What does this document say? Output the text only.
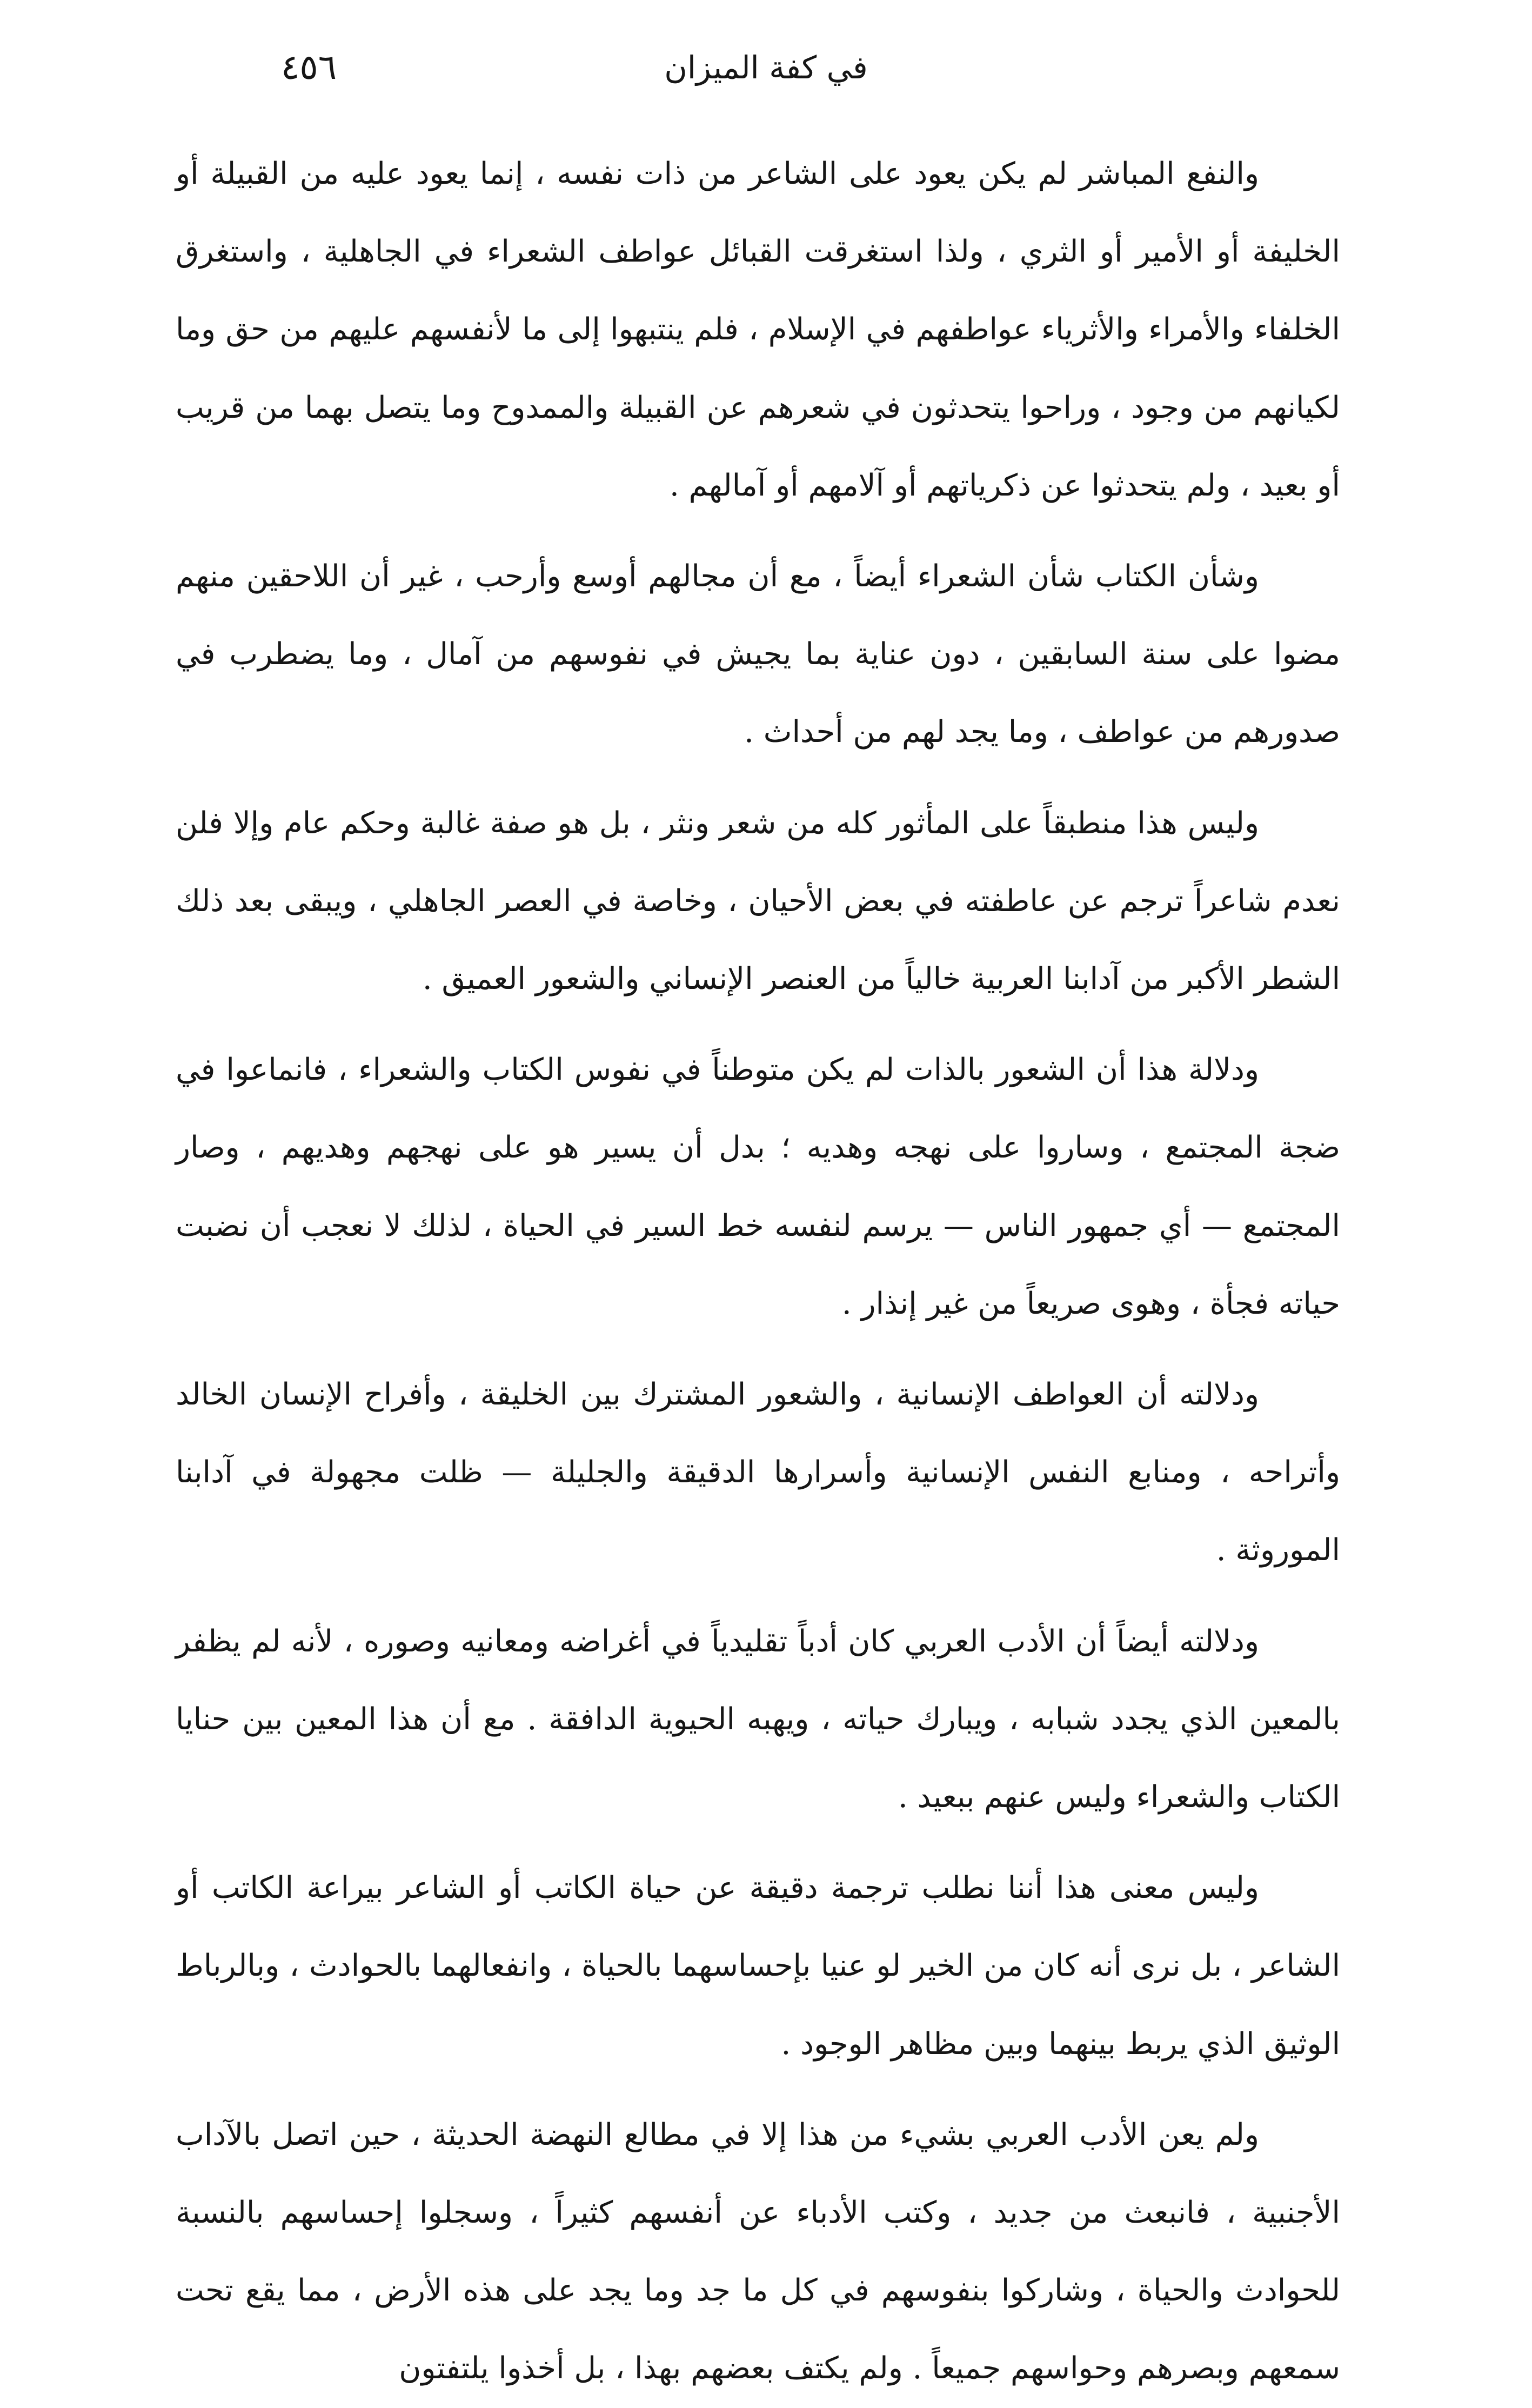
٤٥٦	في كفة الميزان

والنفع المباشر لم يكن يعود على الشاعر من ذات نفسه ، إنما يعود عليه من القبيلة أو الخليفة أو الأمير أو الثري ، ولذا استغرقت القبائل عواطف الشعراء في الجاهلية ، واستغرق الخلفاء والأمراء والأثرياء عواطفهم في الإسلام ، فلم ينتبهوا إلى ما لأنفسهم عليهم من حق وما لكيانهم من وجود ، وراحوا يتحدثون في شعرهم عن القبيلة والممدوح وما يتصل بهما من قريب أو بعيد ، ولم يتحدثوا عن ذكرياتهم أو آلامهم أو آمالهم .

وشأن الكتاب شأن الشعراء أيضاً ، مع أن مجالهم أوسع وأرحب ، غير أن اللاحقين منهم مضوا على سنة السابقين ، دون عناية بما يجيش في نفوسهم من آمال ، وما يضطرب في صدورهم من عواطف ، وما يجد لهم من أحداث .

وليس هذا منطبقاً على المأثور كله من شعر ونثر ، بل هو صفة غالبة وحكم عام وإلا فلن نعدم شاعراً ترجم عن عاطفته في بعض الأحيان ، وخاصة في العصر الجاهلي ، ويبقى بعد ذلك الشطر الأكبر من آدابنا العربية خالياً من العنصر الإنساني والشعور العميق .

ودلالة هذا أن الشعور بالذات لم يكن متوطناً في نفوس الكتاب والشعراء ، فانماعوا في ضجة المجتمع ، وساروا على نهجه وهديه ؛ بدل أن يسير هو على نهجهم وهديهم ، وصار المجتمع — أي جمهور الناس — يرسم لنفسه خط السير في الحياة ، لذلك لا نعجب أن نضبت حياته فجأة ، وهوى صريعاً من غير إنذار .

ودلالته أن العواطف الإنسانية ، والشعور المشترك بين الخليقة ، وأفراح الإنسان الخالد وأتراحه ، ومنابع النفس الإنسانية وأسرارها الدقيقة والجليلة — ظلت مجهولة في آدابنا الموروثة .

ودلالته أيضاً أن الأدب العربي كان أدباً تقليدياً في أغراضه ومعانيه وصوره ، لأنه لم يظفر بالمعين الذي يجدد شبابه ، ويبارك حياته ، ويهبه الحيوية الدافقة . مع أن هذا المعين بين حنايا الكتاب والشعراء وليس عنهم ببعيد .

وليس معنى هذا أننا نطلب ترجمة دقيقة عن حياة الكاتب أو الشاعر بيراعة الكاتب أو الشاعر ، بل نرى أنه كان من الخير لو عنيا بإحساسهما بالحياة ، وانفعالهما بالحوادث ، وبالرباط الوثيق الذي يربط بينهما وبين مظاهر الوجود .

ولم يعن الأدب العربي بشيء من هذا إلا في مطالع النهضة الحديثة ، حين اتصل بالآداب الأجنبية ، فانبعث من جديد ، وكتب الأدباء عن أنفسهم كثيراً ، وسجلوا إحساسهم بالنسبة للحوادث والحياة ، وشاركوا بنفوسهم في كل ما جد وما يجد على هذه الأرض ، مما يقع تحت سمعهم وبصرهم وحواسهم جميعاً . ولم يكتف بعضهم بهذا ، بل أخذوا يلتفتون
